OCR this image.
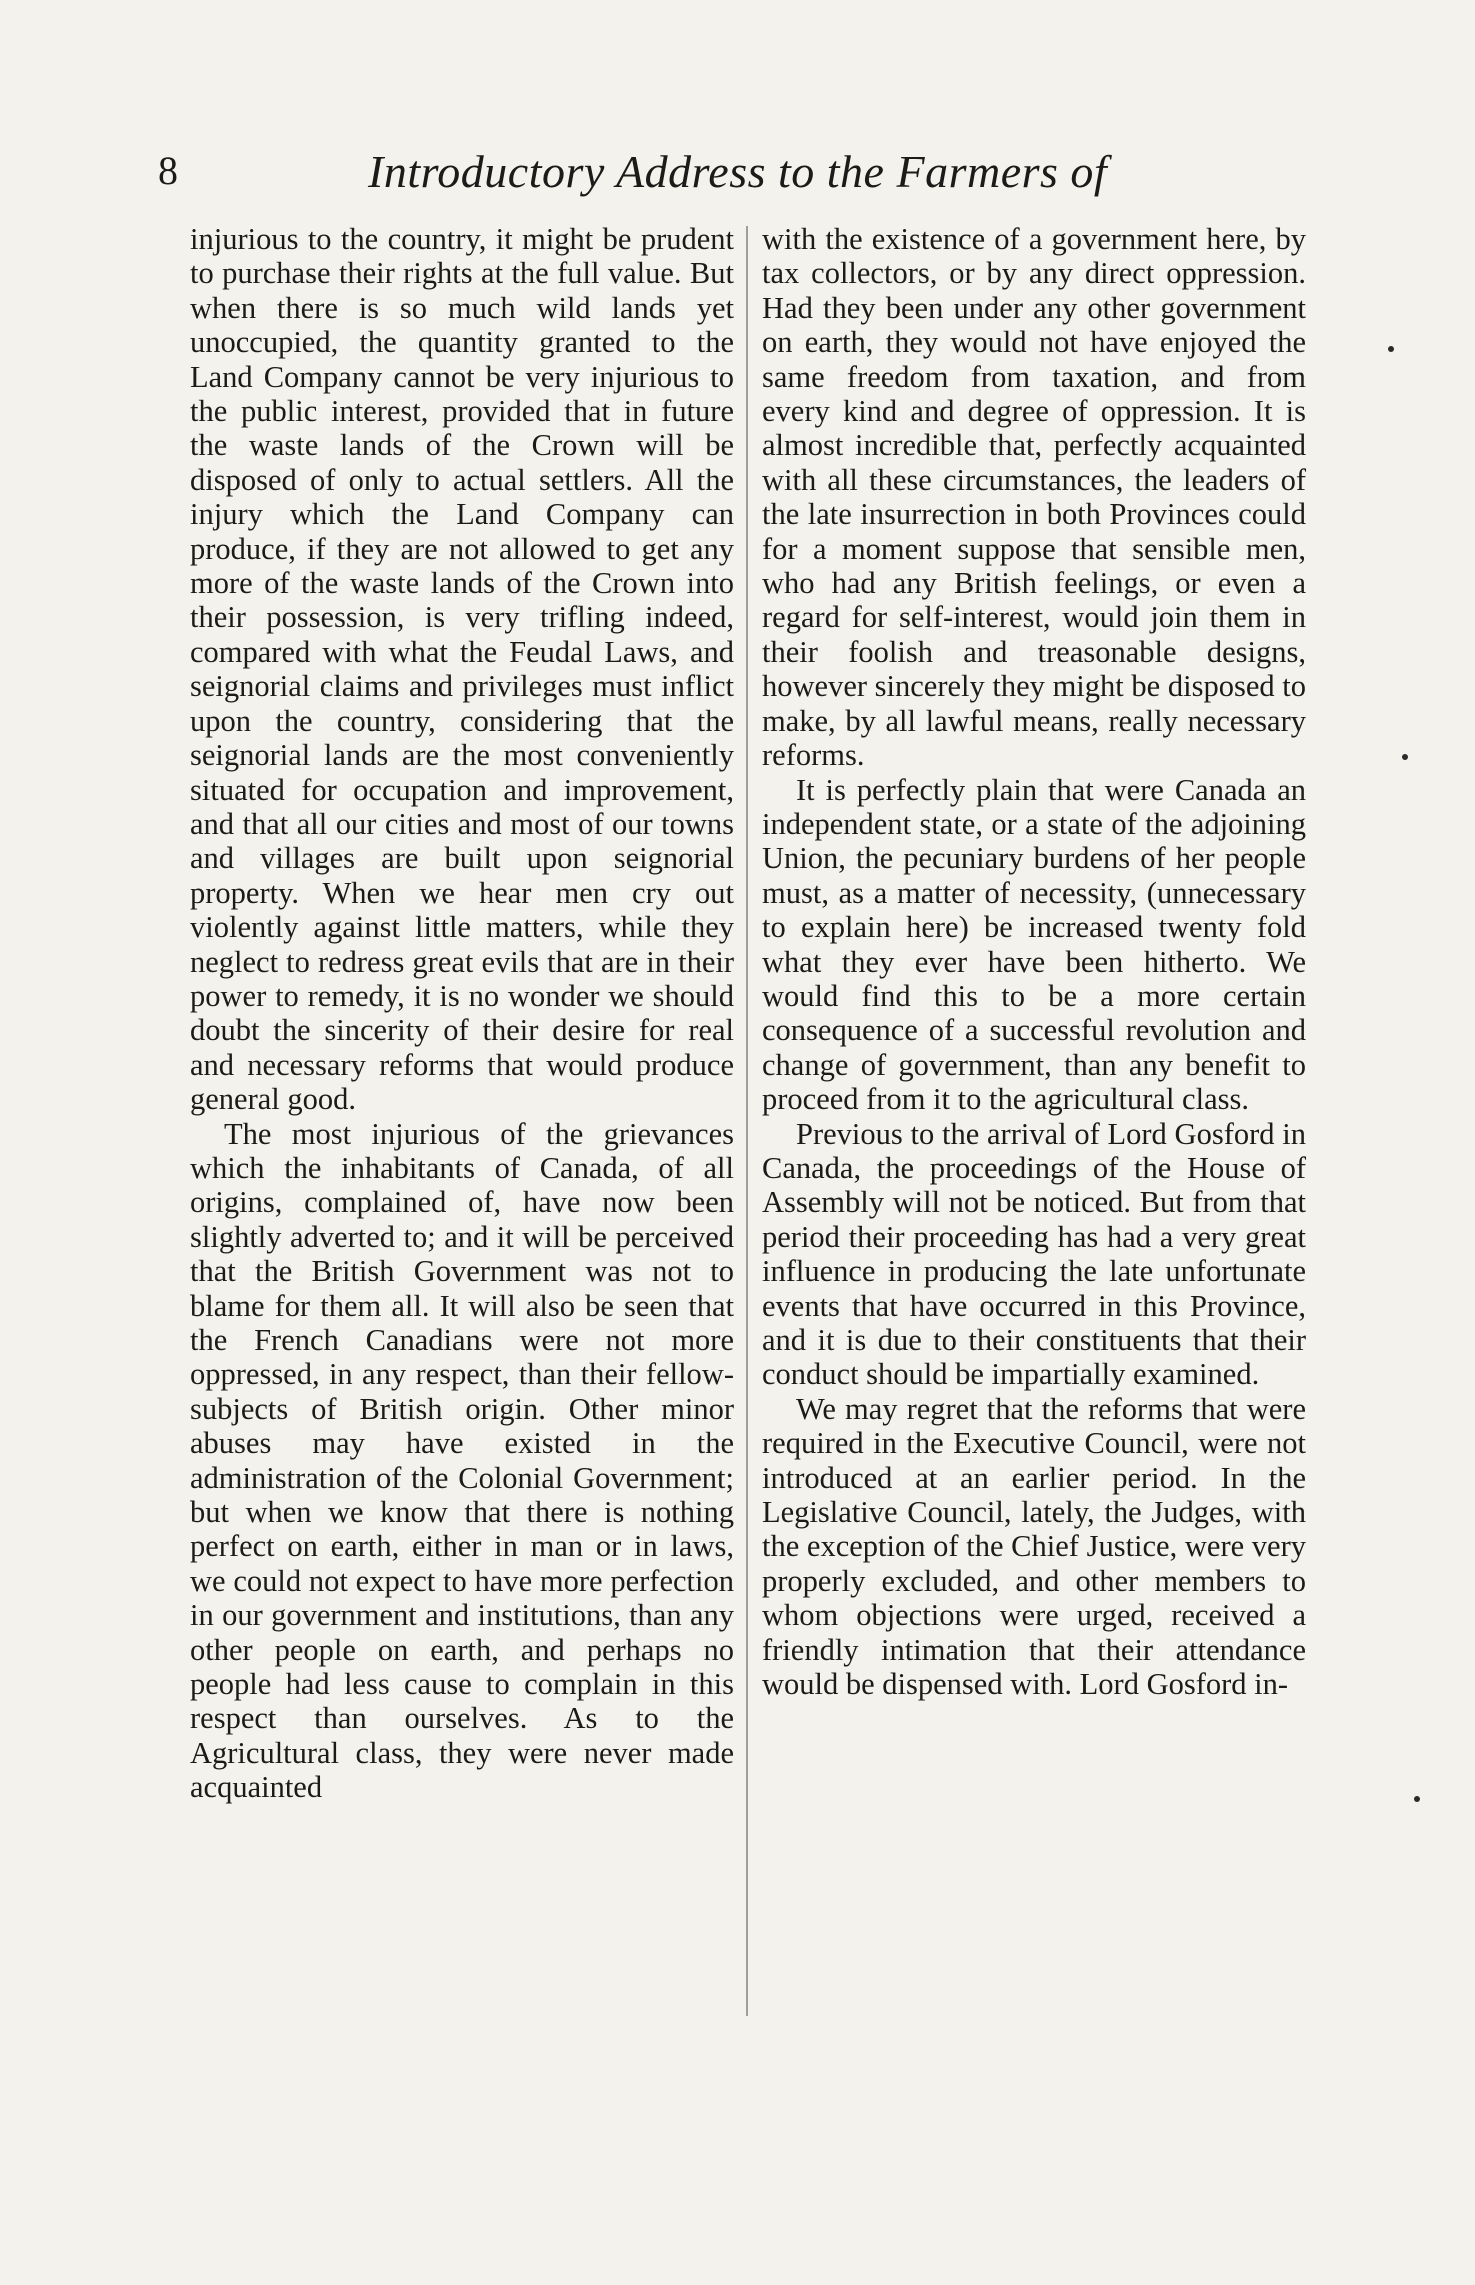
8	Introductory Address to the Farmers of

injurious to the country, it might be prudent to purchase their rights at the full value. But when there is so much wild lands yet unoccupied, the quantity granted to the Land Company cannot be very injurious to the public interest, provided that in future the waste lands of the Crown will be disposed of only to actual settlers. All the injury which the Land Company can produce, if they are not allowed to get any more of the waste lands of the Crown into their possession, is very trifling indeed, compared with what the Feudal Laws, and seignorial claims and privileges must inflict upon the country, considering that the seignorial lands are the most conveniently situated for occupation and improvement, and that all our cities and most of our towns and villages are built upon seignorial property. When we hear men cry out violently against little matters, while they neglect to redress great evils that are in their power to remedy, it is no wonder we should doubt the sincerity of their desire for real and necessary reforms that would produce general good.

The most injurious of the grievances which the inhabitants of Canada, of all origins, complained of, have now been slightly adverted to; and it will be perceived that the British Government was not to blame for them all. It will also be seen that the French Canadians were not more oppressed, in any respect, than their fellow-subjects of British origin. Other minor abuses may have existed in the administration of the Colonial Government; but when we know that there is nothing perfect on earth, either in man or in laws, we could not expect to have more perfection in our government and institutions, than any other people on earth, and perhaps no people had less cause to complain in this respect than ourselves. As to the Agricultural class, they were never made acquainted

with the existence of a government here, by tax collectors, or by any direct oppression. Had they been under any other government on earth, they would not have enjoyed the same freedom from taxation, and from every kind and degree of oppression. It is almost incredible that, perfectly acquainted with all these circumstances, the leaders of the late insurrection in both Provinces could for a moment suppose that sensible men, who had any British feelings, or even a regard for self-interest, would join them in their foolish and treasonable designs, however sincerely they might be disposed to make, by all lawful means, really necessary reforms.

It is perfectly plain that were Canada an independent state, or a state of the adjoining Union, the pecuniary burdens of her people must, as a matter of necessity, (unnecessary to explain here) be increased twenty fold what they ever have been hitherto. We would find this to be a more certain consequence of a successful revolution and change of government, than any benefit to proceed from it to the agricultural class.

Previous to the arrival of Lord Gosford in Canada, the proceedings of the House of Assembly will not be noticed. But from that period their proceeding has had a very great influence in producing the late unfortunate events that have occurred in this Province, and it is due to their constituents that their conduct should be impartially examined.

We may regret that the reforms that were required in the Executive Council, were not introduced at an earlier period. In the Legislative Council, lately, the Judges, with the exception of the Chief Justice, were very properly excluded, and other members to whom objections were urged, received a friendly intimation that their attendance would be dispensed with. Lord Gosford in-
